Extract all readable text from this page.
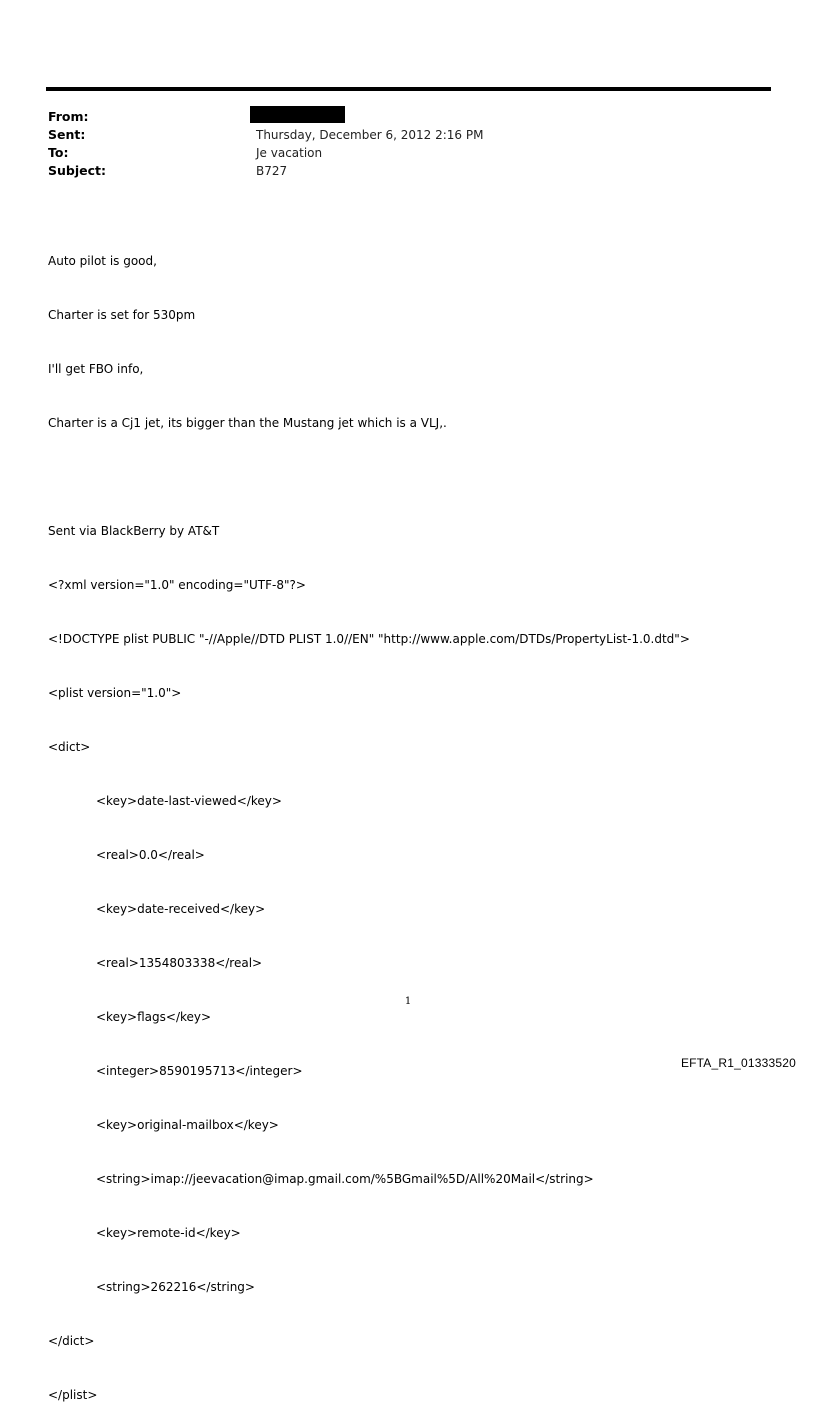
From:
Sent:	Thursday, December 6, 2012 2:16 PM
To:	Je vacation
Subject:	B727

Auto pilot is good,

Charter is set for 530pm

I'll get FBO info,

Charter is a Cj1 jet, its bigger than the Mustang jet which is a VLJ,.

Sent via BlackBerry by AT&T

<?xml version="1.0" encoding="UTF-8"?>

<!DOCTYPE plist PUBLIC "-//Apple//DTD PLIST 1.0//EN" "http://www.apple.com/DTDs/PropertyList-1.0.dtd">

<plist version="1.0">

<dict>

<key>date-last-viewed</key>

<real>0.0</real>

<key>date-received</key>

<real>1354803338</real>

<key>flags</key>

<integer>8590195713</integer>

<key>original-mailbox</key>

<string>imap://jeevacation@imap.gmail.com/%5BGmail%5D/All%20Mail</string>

<key>remote-id</key>

<string>262216</string>

</dict>

</plist>

1
EFTA_R1_01333520
